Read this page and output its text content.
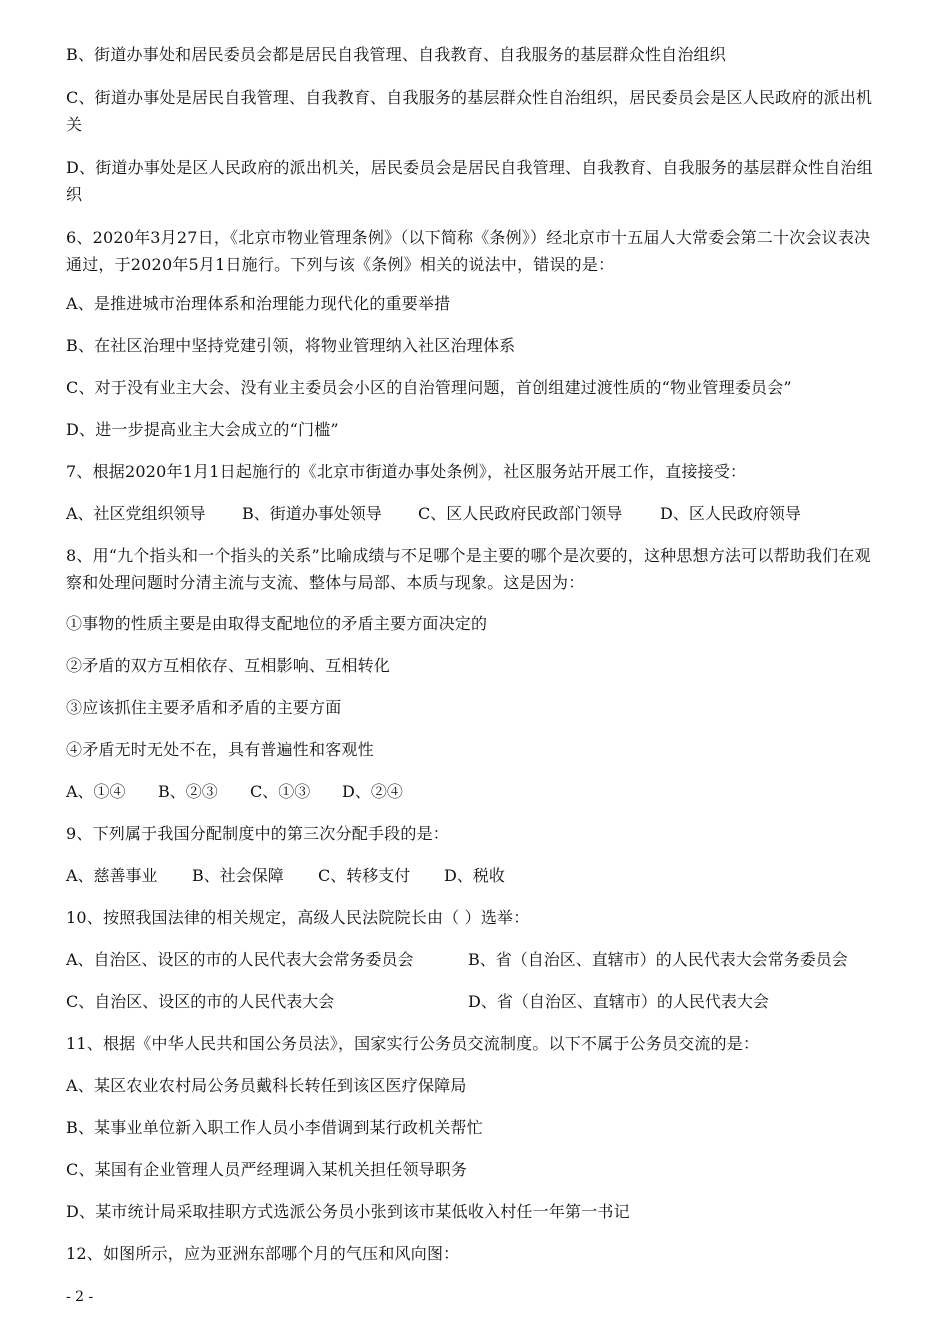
B、街道办事处和居民委员会都是居民自我管理、自我教育、自我服务的基层群众性自治组织
C、街道办事处是居民自我管理、自我教育、自我服务的基层群众性自治组织，居民委员会是区人民政府的派出机关
D、街道办事处是区人民政府的派出机关，居民委员会是居民自我管理、自我教育、自我服务的基层群众性自治组织
6、2020年3月27日，《北京市物业管理条例》（以下简称《条例》）经北京市十五届人大常委会第二十次会议表决通过，于2020年5月1日施行。下列与该《条例》相关的说法中，错误的是：
A、是推进城市治理体系和治理能力现代化的重要举措
B、在社区治理中坚持党建引领，将物业管理纳入社区治理体系
C、对于没有业主大会、没有业主委员会小区的自治管理问题，首创组建过渡性质的“物业管理委员会”
D、进一步提高业主大会成立的“门槛”
7、根据2020年1月1日起施行的《北京市街道办事处条例》，社区服务站开展工作，直接接受：
A、社区党组织领导 B、街道办事处领导 C、区人民政府民政部门领导 D、区人民政府领导
8、用“九个指头和一个指头的关系”比喻成绩与不足哪个是主要的哪个是次要的，这种思想方法可以帮助我们在观察和处理问题时分清主流与支流、整体与局部、本质与现象。这是因为：
①事物的性质主要是由取得支配地位的矛盾主要方面决定的
②矛盾的双方互相依存、互相影响、互相转化
③应该抓住主要矛盾和矛盾的主要方面
④矛盾无时无处不在，具有普遍性和客观性
A、①④ B、②③ C、①③ D、②④
9、下列属于我国分配制度中的第三次分配手段的是：
A、慈善事业 B、社会保障 C、转移支付 D、税收
10、按照我国法律的相关规定，高级人民法院院长由（ ）选举：
A、自治区、设区的市的人民代表大会常务委员会	B、省（自治区、直辖市）的人民代表大会常务委员会
C、自治区、设区的市的人民代表大会	D、省（自治区、直辖市）的人民代表大会
11、根据《中华人民共和国公务员法》，国家实行公务员交流制度。以下不属于公务员交流的是：
A、某区农业农村局公务员戴科长转任到该区医疗保障局
B、某事业单位新入职工作人员小李借调到某行政机关帮忙
C、某国有企业管理人员严经理调入某机关担任领导职务
D、某市统计局采取挂职方式选派公务员小张到该市某低收入村任一年第一书记
12、如图所示，应为亚洲东部哪个月的气压和风向图：
- 2 -
